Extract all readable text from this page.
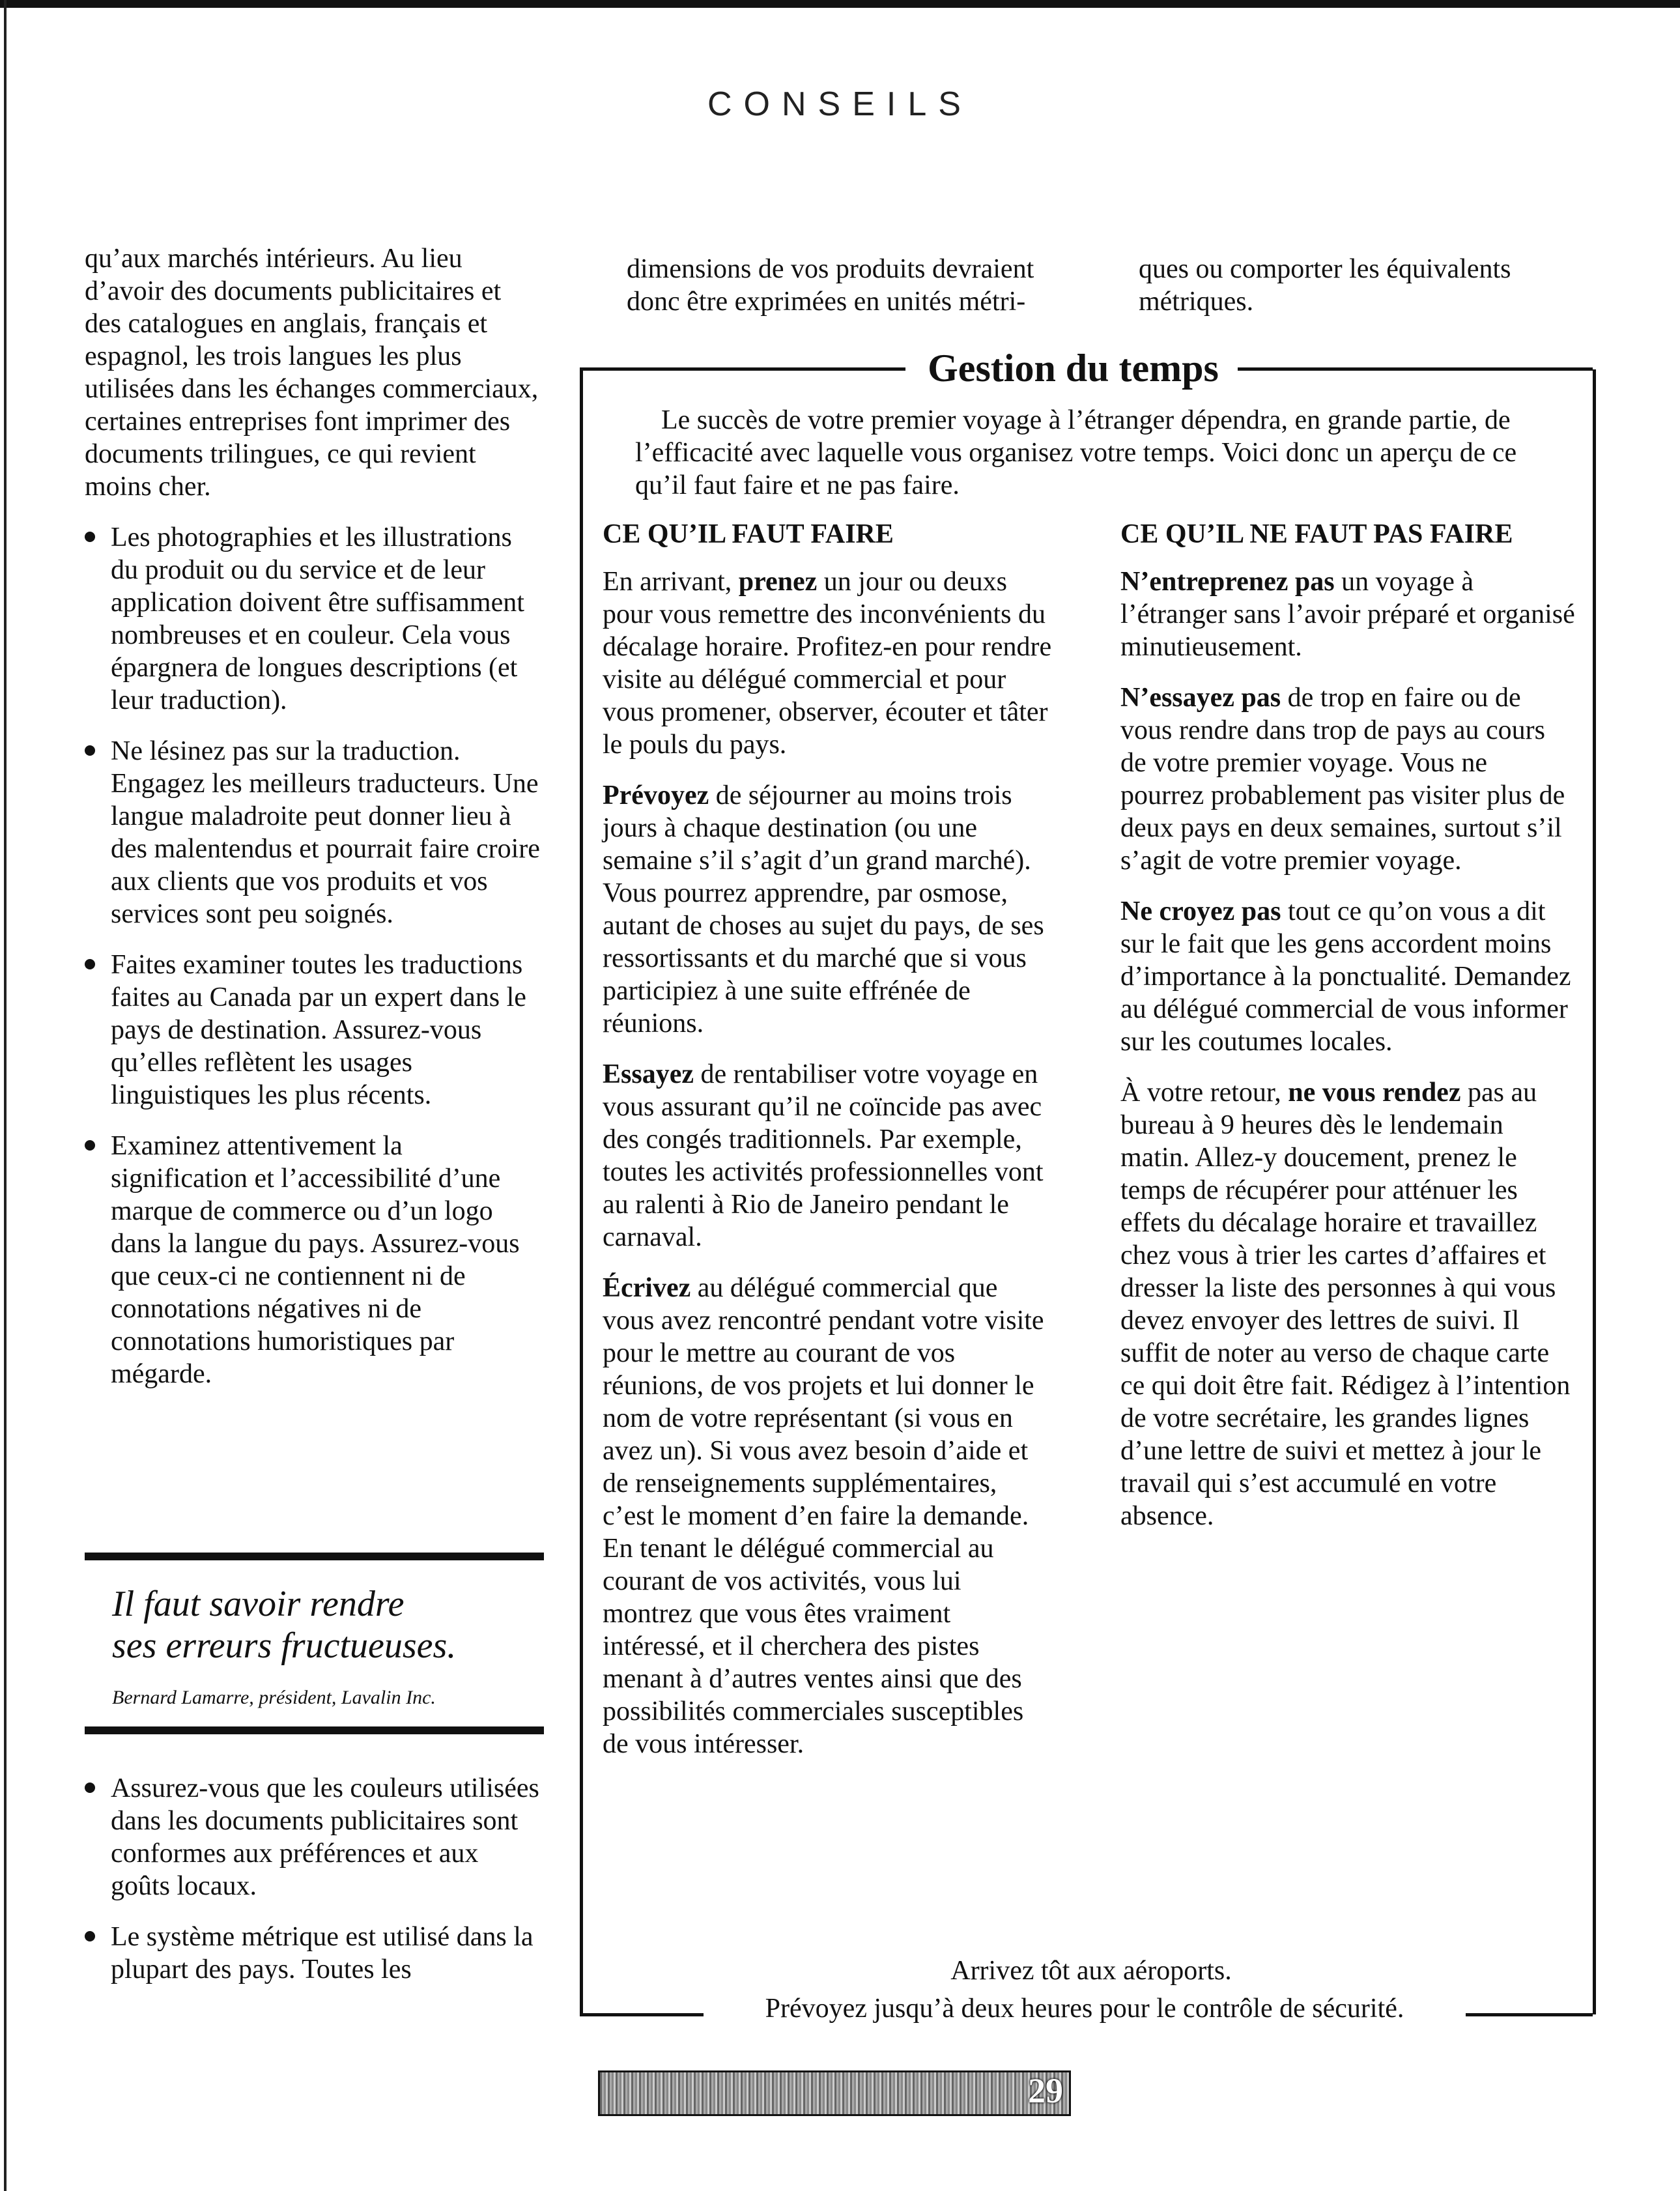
CONSEILS

qu’aux marchés intérieurs. Au lieu d’avoir des documents publicitaires et des catalogues en anglais, français et espagnol, les trois langues les plus utilisées dans les échanges commerciaux, certaines entreprises font imprimer des documents trilingues, ce qui revient moins cher.

Les photographies et les illustrations du produit ou du service et de leur application doivent être suffisamment nombreuses et en couleur. Cela vous épargnera de longues descriptions (et leur traduction).
Ne lésinez pas sur la traduction. Engagez les meilleurs traducteurs. Une langue maladroite peut donner lieu à des malentendus et pourrait faire croire aux clients que vos produits et vos services sont peu soignés.
Faites examiner toutes les traductions faites au Canada par un expert dans le pays de destination. Assurez-vous qu’elles reflètent les usages linguistiques les plus récents.
Examinez attentivement la signification et l’accessibilité d’une marque de commerce ou d’un logo dans la langue du pays. Assurez-vous que ceux-ci ne contiennent ni de connotations négatives ni de connotations humoristiques par mégarde.
Il faut savoir rendre
ses erreurs fructueuses.
Bernard Lamarre, président, Lavalin Inc.
Assurez-vous que les couleurs utilisées dans les documents publicitaires sont conformes aux préférences et aux goûts locaux.
Le système métrique est utilisé dans la plupart des pays. Toutes les

dimensions de vos produits devraient donc être exprimées en unités métri-

ques ou comporter les équivalents métriques.

Gestion du temps

Le succès de votre premier voyage à l’étranger dépendra, en grande partie, de l’efficacité avec laquelle vous organisez votre temps. Voici donc un aperçu de ce qu’il faut faire et ne pas faire.

CE QU’IL FAUT FAIRE	CE QU’IL NE FAUT PAS FAIRE

En arrivant, prenez un jour ou deuxs pour vous remettre des inconvénients du décalage horaire. Profitez-en pour rendre visite au délégué commercial et pour vous promener, observer, écouter et tâter le pouls du pays.

Prévoyez de séjourner au moins trois jours à chaque destination (ou une semaine s’il s’agit d’un grand marché). Vous pourrez apprendre, par osmose, autant de choses au sujet du pays, de ses ressortissants et du marché que si vous participiez à une suite effrénée de réunions.

Essayez de rentabiliser votre voyage en vous assurant qu’il ne coïncide pas avec des congés traditionnels. Par exemple, toutes les activités professionnelles vont au ralenti à Rio de Janeiro pendant le carnaval.

Écrivez au délégué commercial que vous avez rencontré pendant votre visite pour le mettre au courant de vos réunions, de vos projets et lui donner le nom de votre représentant (si vous en avez un). Si vous avez besoin d’aide et de renseignements supplémentaires, c’est le moment d’en faire la demande. En tenant le délégué commercial au courant de vos activités, vous lui montrez que vous êtes vraiment intéressé, et il cherchera des pistes menant à d’autres ventes ainsi que des possibilités commerciales susceptibles de vous intéresser.

N’entreprenez pas un voyage à l’étranger sans l’avoir préparé et organisé minutieusement.

N’essayez pas de trop en faire ou de vous rendre dans trop de pays au cours de votre premier voyage. Vous ne pourrez probablement pas visiter plus de deux pays en deux semaines, surtout s’il s’agit de votre premier voyage.

Ne croyez pas tout ce qu’on vous a dit sur le fait que les gens accordent moins d’importance à la ponctualité. Demandez au délégué commercial de vous informer sur les coutumes locales.

À votre retour, ne vous rendez pas au bureau à 9 heures dès le lendemain matin. Allez-y doucement, prenez le temps de récupérer pour atténuer les effets du décalage horaire et travaillez chez vous à trier les cartes d’affaires et dresser la liste des personnes à qui vous devez envoyer des lettres de suivi. Il suffit de noter au verso de chaque carte ce qui doit être fait. Rédigez à l’intention de votre secrétaire, les grandes lignes d’une lettre de suivi et mettez à jour le travail qui s’est accumulé en votre absence.

Arrivez tôt aux aéroports.
Prévoyez jusqu’à deux heures pour le contrôle de sécurité.
29
